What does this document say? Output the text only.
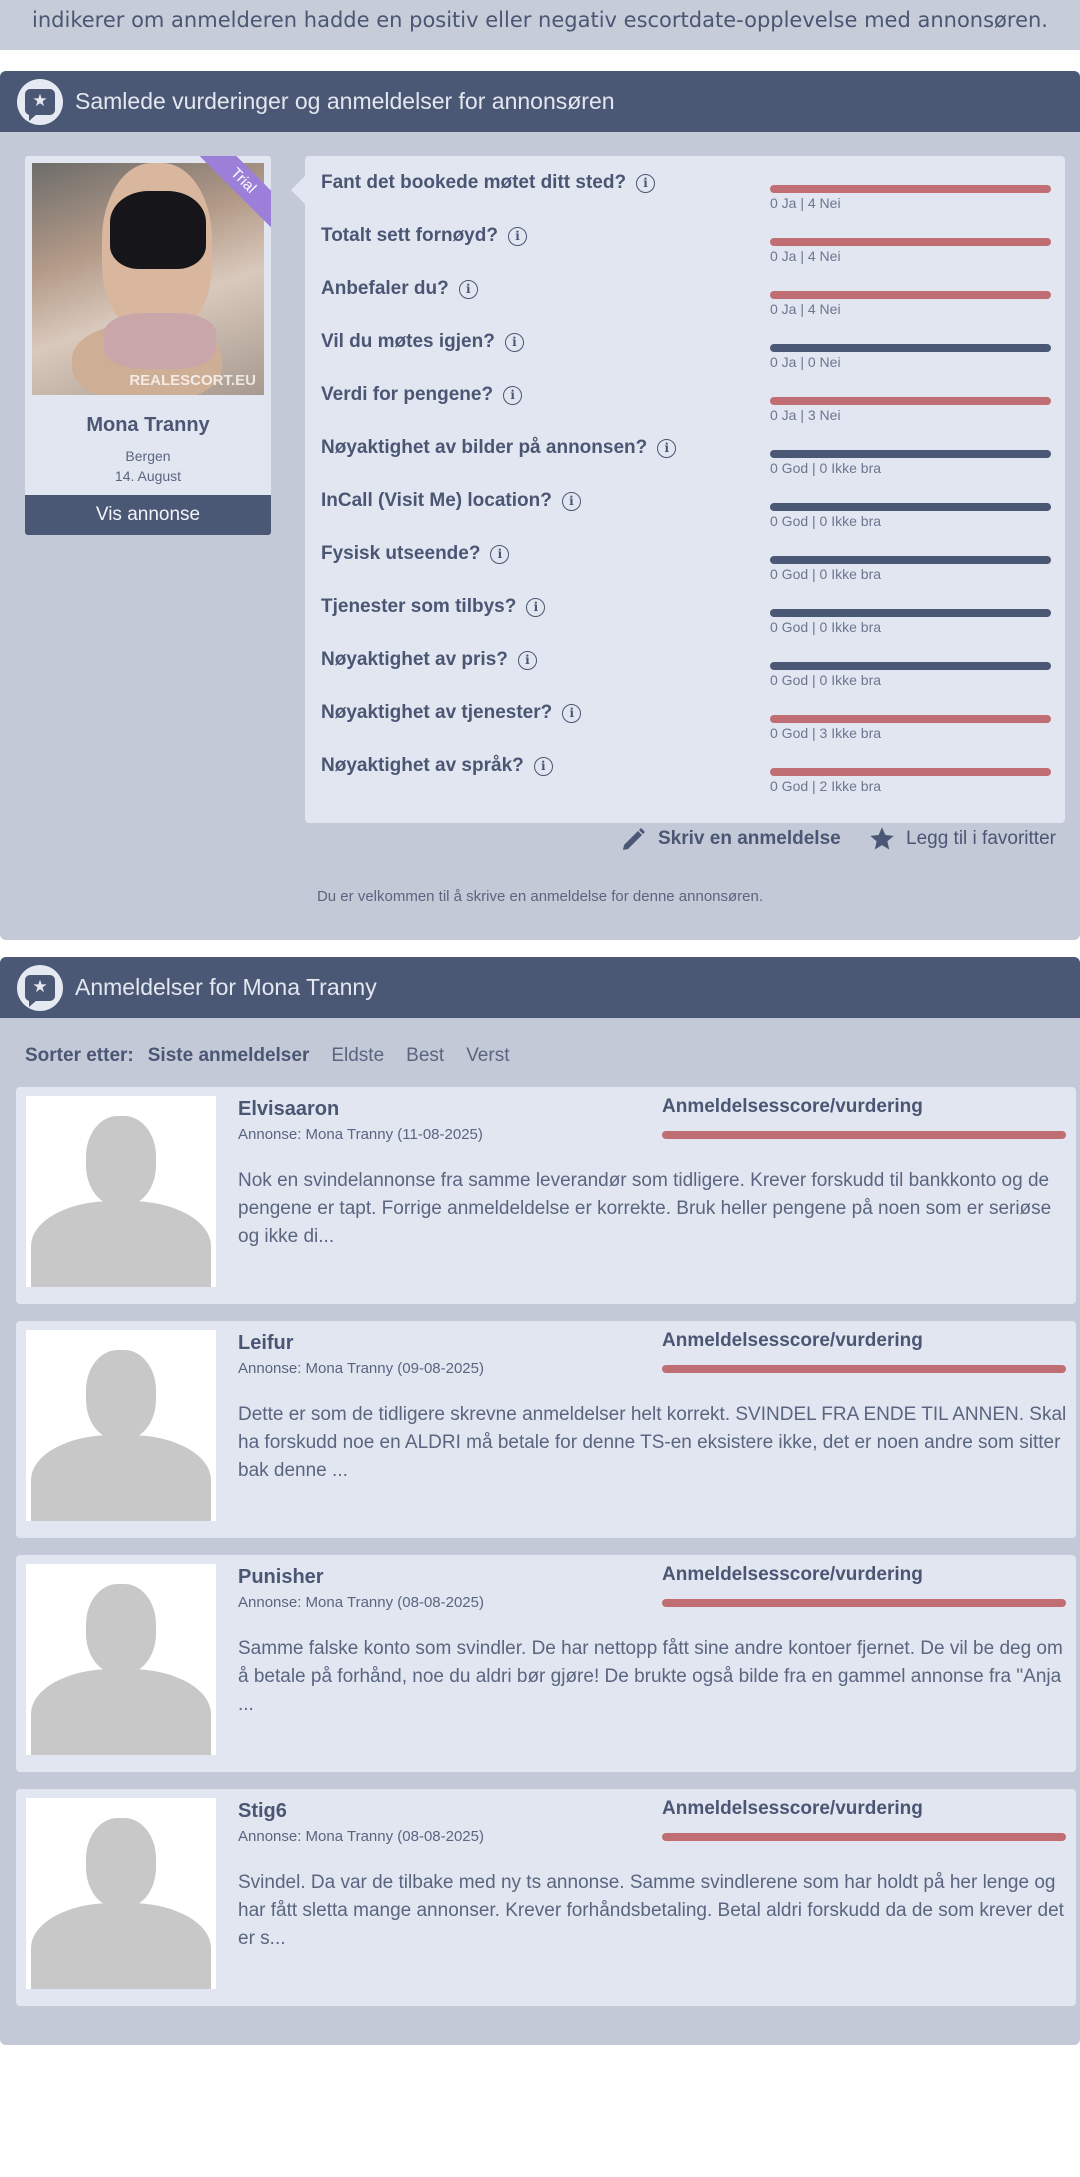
indikerer om anmelderen hadde en positiv eller negativ escortdate-opplevelse med annonsøren.
★ Samlede vurderinger og anmeldelser for annonsøren
REALESCORT.EU
Trial
Mona Tranny
Bergen
14. August
Vis annonse
Fant det bookede møtet ditt sted?	i
0 Ja | 4 Nei
Totalt sett fornøyd?	i
0 Ja | 4 Nei
Anbefaler du?	i
0 Ja | 4 Nei
Vil du møtes igjen?	i
0 Ja | 0 Nei
Verdi for pengene?	i
0 Ja | 3 Nei
Nøyaktighet av bilder på annonsen?	i
0 God | 0 Ikke bra
InCall (Visit Me) location?	i
0 God | 0 Ikke bra
Fysisk utseende?	i
0 God | 0 Ikke bra
Tjenester som tilbys?	i
0 God | 0 Ikke bra
Nøyaktighet av pris?	i
0 God | 0 Ikke bra
Nøyaktighet av tjenester?	i
0 God | 3 Ikke bra
Nøyaktighet av språk?	i
0 God | 2 Ikke bra
Skriv en anmeldelse	Legg til i favoritter
Du er velkommen til å skrive en anmeldelse for denne annonsøren.
★ Anmeldelser for Mona Tranny
Sorter etter: Siste anmeldelser Eldste Best Verst
Elvisaaron
Annonse: Mona Tranny (11-08-2025)
Anmeldelsesscore/vurdering
Nok en svindelannonse fra samme leverandør som tidligere. Krever forskudd til bankkonto og de pengene er tapt. Forrige anmeldeldelse er korrekte. Bruk heller pengene på noen som er seriøse og ikke di...
Leifur
Annonse: Mona Tranny (09-08-2025)
Anmeldelsesscore/vurdering
Dette er som de tidligere skrevne anmeldelser helt korrekt. SVINDEL FRA ENDE TIL ANNEN. Skal ha forskudd noe en ALDRI må betale for denne TS-en eksistere ikke, det er noen andre som sitter bak denne ...
Punisher
Annonse: Mona Tranny (08-08-2025)
Anmeldelsesscore/vurdering
Samme falske konto som svindler. De har nettopp fått sine andre kontoer fjernet. De vil be deg om å betale på forhånd, noe du aldri bør gjøre! De brukte også bilde fra en gammel annonse fra "Anja ...
Stig6
Annonse: Mona Tranny (08-08-2025)
Anmeldelsesscore/vurdering
Svindel. Da var de tilbake med ny ts annonse. Samme svindlerene som har holdt på her lenge og har fått sletta mange annonser. Krever forhåndsbetaling. Betal aldri forskudd da de som krever det er s...
